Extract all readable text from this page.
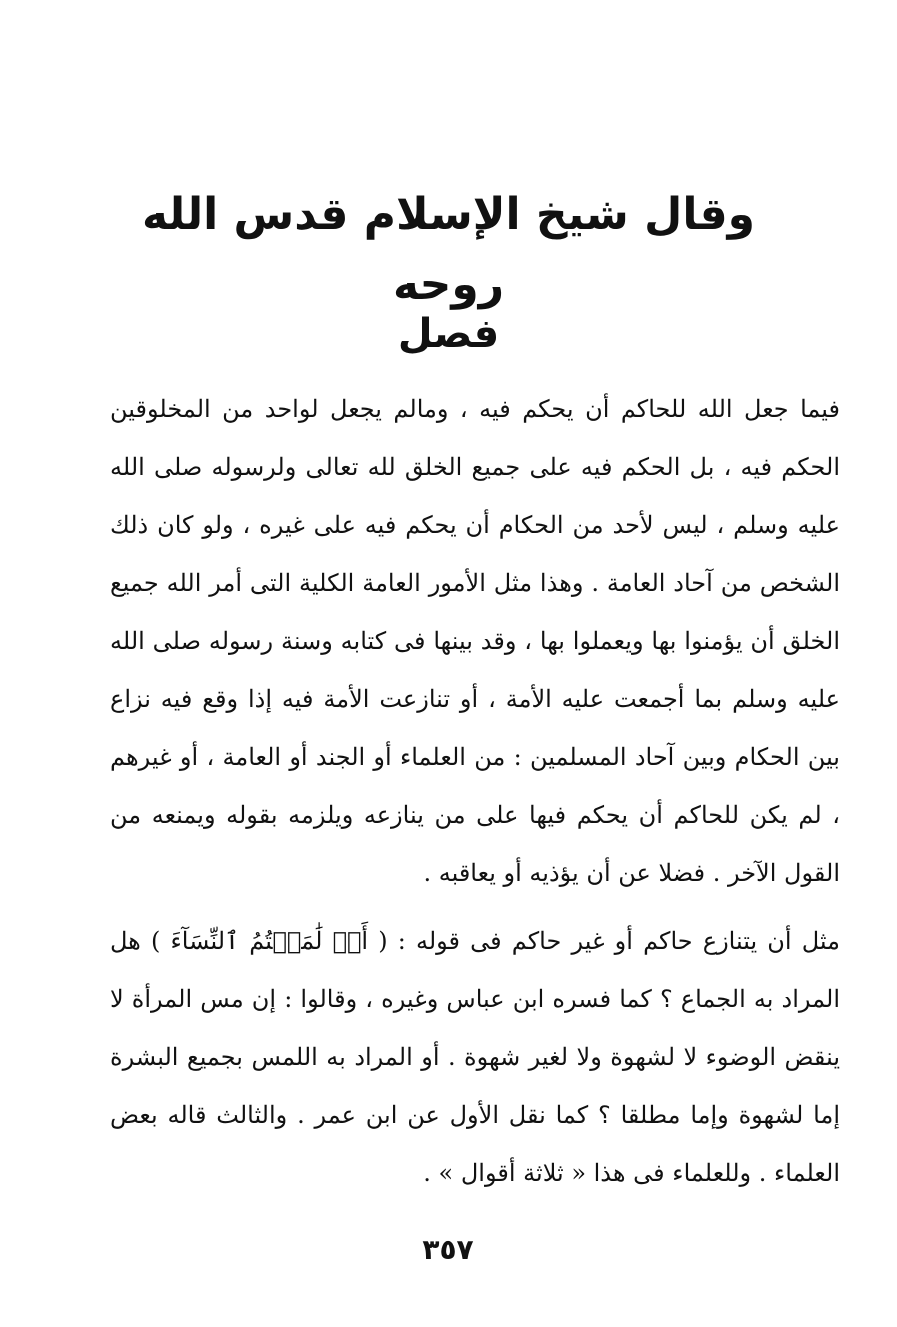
وقال شيخ الإسلام قدس الله روحه
فصل

فيما جعل الله للحاكم أن يحكم فيه ، ومالم يجعل لواحد من المخلوقين الحكم فيه ، بل الحكم فيه على جميع الخلق لله تعالى ولرسوله صلى الله عليه وسلم ، ليس لأحد من الحكام أن يحكم فيه على غيره ، ولو كان ذلك الشخص من آحاد العامة . وهذا مثل الأمور العامة الكلية التى أمر الله جميع الخلق أن يؤمنوا بها ويعملوا بها ، وقد بينها فى كتابه وسنة رسوله صلى الله عليه وسلم بما أجمعت عليه الأمة ، أو تنازعت الأمة فيه إذا وقع فيه نزاع بين الحكام وبين آحاد المسلمين : من العلماء أو الجند أو العامة ، أو غيرهم ، لم يكن للحاكم أن يحكم فيها على من ينازعه ويلزمه بقوله ويمنعه من القول الآخر . فضلا عن أن يؤذيه أو يعاقبه .

مثل أن يتنازع حاكم أو غير حاكم فى قوله : ( أَوۡ لَٰمَسۡتُمُ ٱلنِّسَآءَ ) هل المراد به الجماع ؟ كما فسره ابن عباس وغيره ، وقالوا : إن مس المرأة لا ينقض الوضوء لا لشهوة ولا لغير شهوة . أو المراد به اللمس بجميع البشرة إما لشهوة وإما مطلقا ؟ كما نقل الأول عن ابن عمر . والثالث قاله بعض العلماء . وللعلماء فى هذا « ثلاثة أقوال » .

٣٥٧
